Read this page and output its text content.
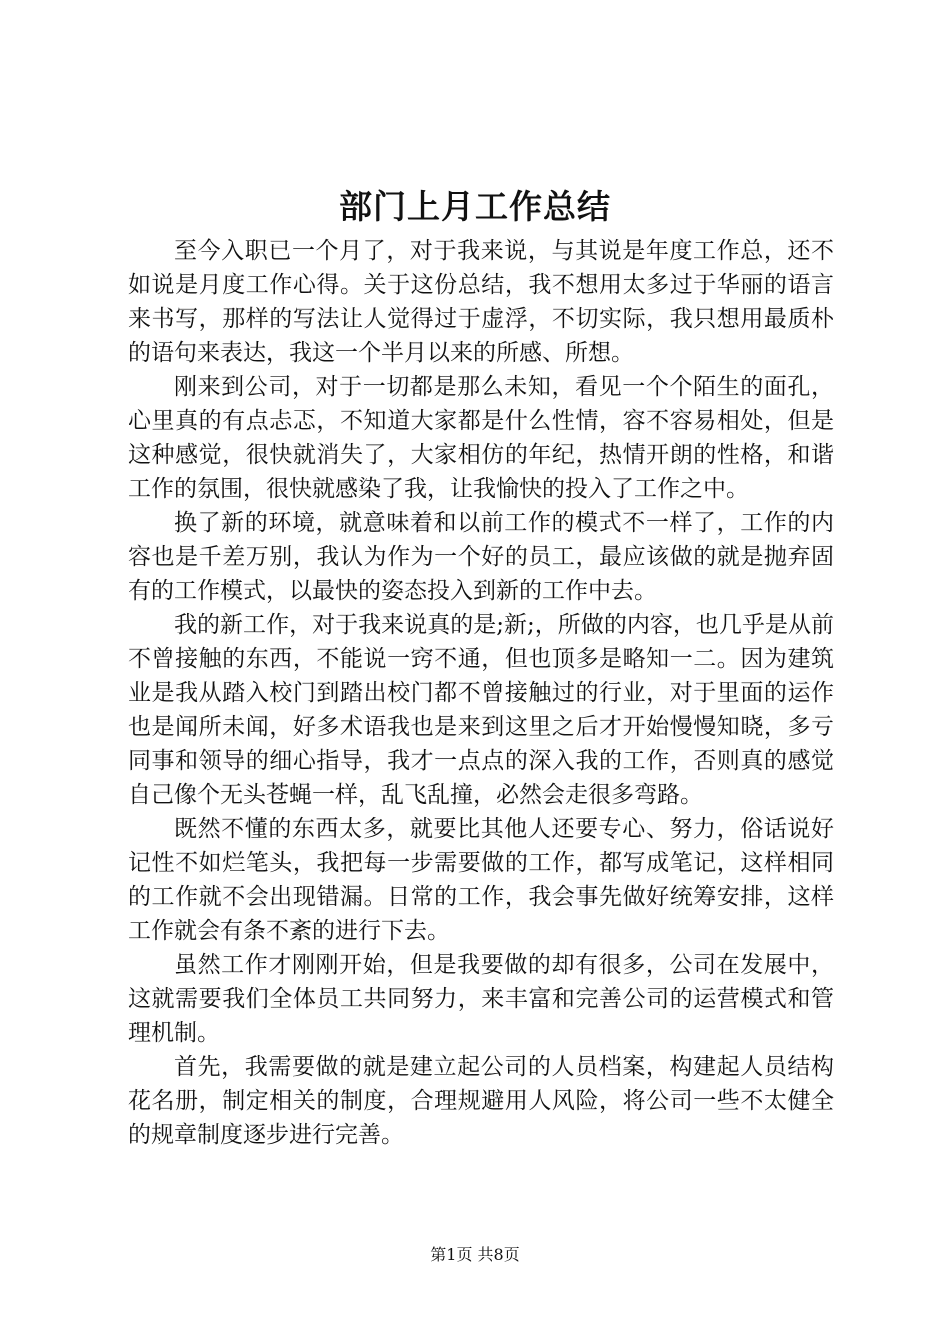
部门上月工作总结

至今入职已一个月了，对于我来说，与其说是年度工作总，还不如说是月度工作心得。关于这份总结，我不想用太多过于华丽的语言来书写，那样的写法让人觉得过于虚浮，不切实际，我只想用最质朴的语句来表达，我这一个半月以来的所感、所想。

刚来到公司，对于一切都是那么未知，看见一个个陌生的面孔，心里真的有点忐忑，不知道大家都是什么性情，容不容易相处，但是这种感觉，很快就消失了，大家相仿的年纪，热情开朗的性格，和谐工作的氛围，很快就感染了我，让我愉快的投入了工作之中。

换了新的环境，就意味着和以前工作的模式不一样了，工作的内容也是千差万别，我认为作为一个好的员工，最应该做的就是抛弃固有的工作模式，以最快的姿态投入到新的工作中去。

我的新工作，对于我来说真的是;新;，所做的内容，也几乎是从前不曾接触的东西，不能说一窍不通，但也顶多是略知一二。因为建筑业是我从踏入校门到踏出校门都不曾接触过的行业，对于里面的运作也是闻所未闻，好多术语我也是来到这里之后才开始慢慢知晓，多亏同事和领导的细心指导，我才一点点的深入我的工作，否则真的感觉自己像个无头苍蝇一样，乱飞乱撞，必然会走很多弯路。

既然不懂的东西太多，就要比其他人还要专心、努力，俗话说好记性不如烂笔头，我把每一步需要做的工作，都写成笔记，这样相同的工作就不会出现错漏。日常的工作，我会事先做好统筹安排，这样工作就会有条不紊的进行下去。

虽然工作才刚刚开始，但是我要做的却有很多，公司在发展中，这就需要我们全体员工共同努力，来丰富和完善公司的运营模式和管理机制。

首先，我需要做的就是建立起公司的人员档案，构建起人员结构花名册，制定相关的制度，合理规避用人风险，将公司一些不太健全的规章制度逐步进行完善。

第1页 共8页
